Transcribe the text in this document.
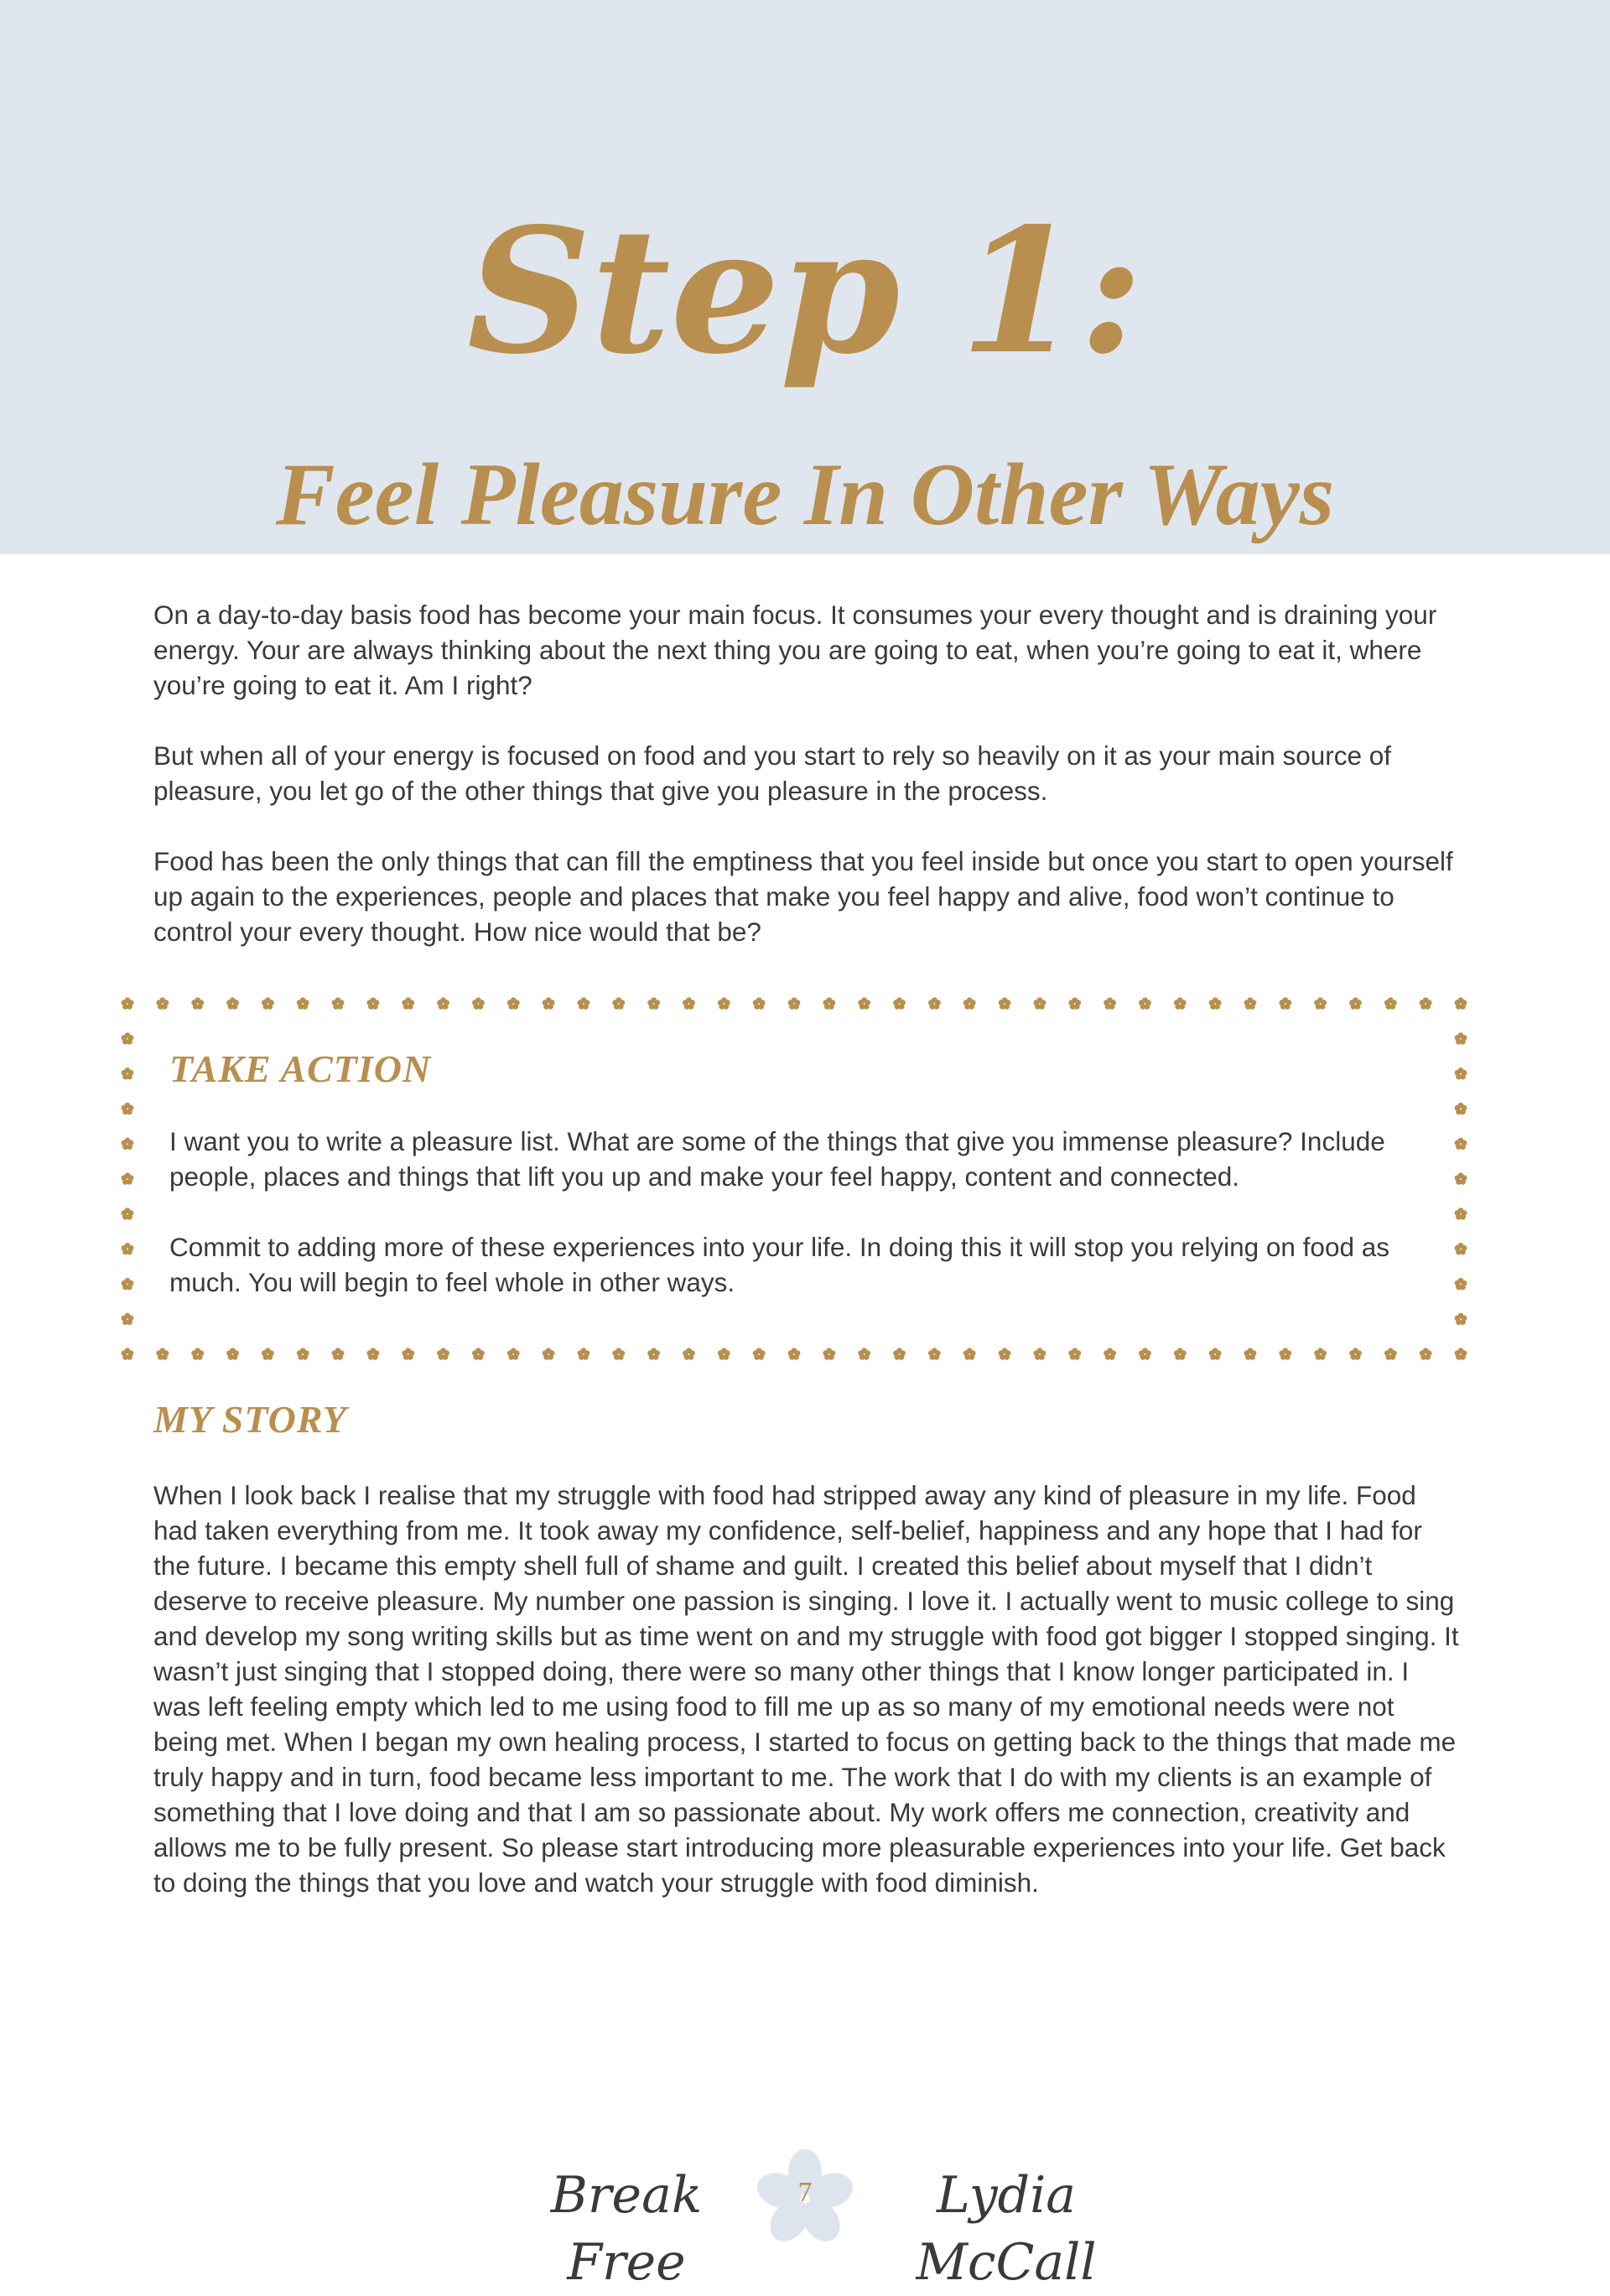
Step 1:
Feel Pleasure In Other Ways

On a day-to-day basis food has become your main focus. It consumes your every thought and is draining your energy. Your are always thinking about the next thing you are going to eat, when you’re going to eat it, where you’re going to eat it. Am I right?

But when all of your energy is focused on food and you start to rely so heavily on it as your main source of pleasure, you let go of the other things that give you pleasure in the process.

Food has been the only things that can fill the emptiness that you feel inside but once you start to open yourself up again to the experiences, people and places that make you feel happy and alive, food won’t continue to control your every thought. How nice would that be?

TAKE ACTION

I want you to write a pleasure list. What are some of the things that give you immense pleasure? Include people, places and things that lift you up and make your feel happy, content and connected.

Commit to adding more of these experiences into your life. In doing this it will stop you relying on food as much. You will begin to feel whole in other ways.

MY STORY

When I look back I realise that my struggle with food had stripped away any kind of pleasure in my life. Food had taken everything from me. It took away my confidence, self-belief, happiness and any hope that I had for the future. I became this empty shell full of shame and guilt. I created this belief about myself that I didn’t deserve to receive pleasure. My number one passion is singing. I love it. I actually went to music college to sing and develop my song writing skills but as time went on and my struggle with food got bigger I stopped singing. It wasn’t just singing that I stopped doing, there were so many other things that I know longer participated in. I was left feeling empty which led to me using food to fill me up as so many of my emotional needs were not being met. When I began my own healing process, I started to focus on getting back to the things that made me truly happy and in turn, food became less important to me. The work that I do with my clients is an example of something that I love doing and that I am so passionate about. My work offers me connection, creativity and allows me to be fully present. So please start introducing more pleasurable experiences into your life. Get back to doing the things that you love and watch your struggle with food diminish.

Break Free

7	Lydia McCall
